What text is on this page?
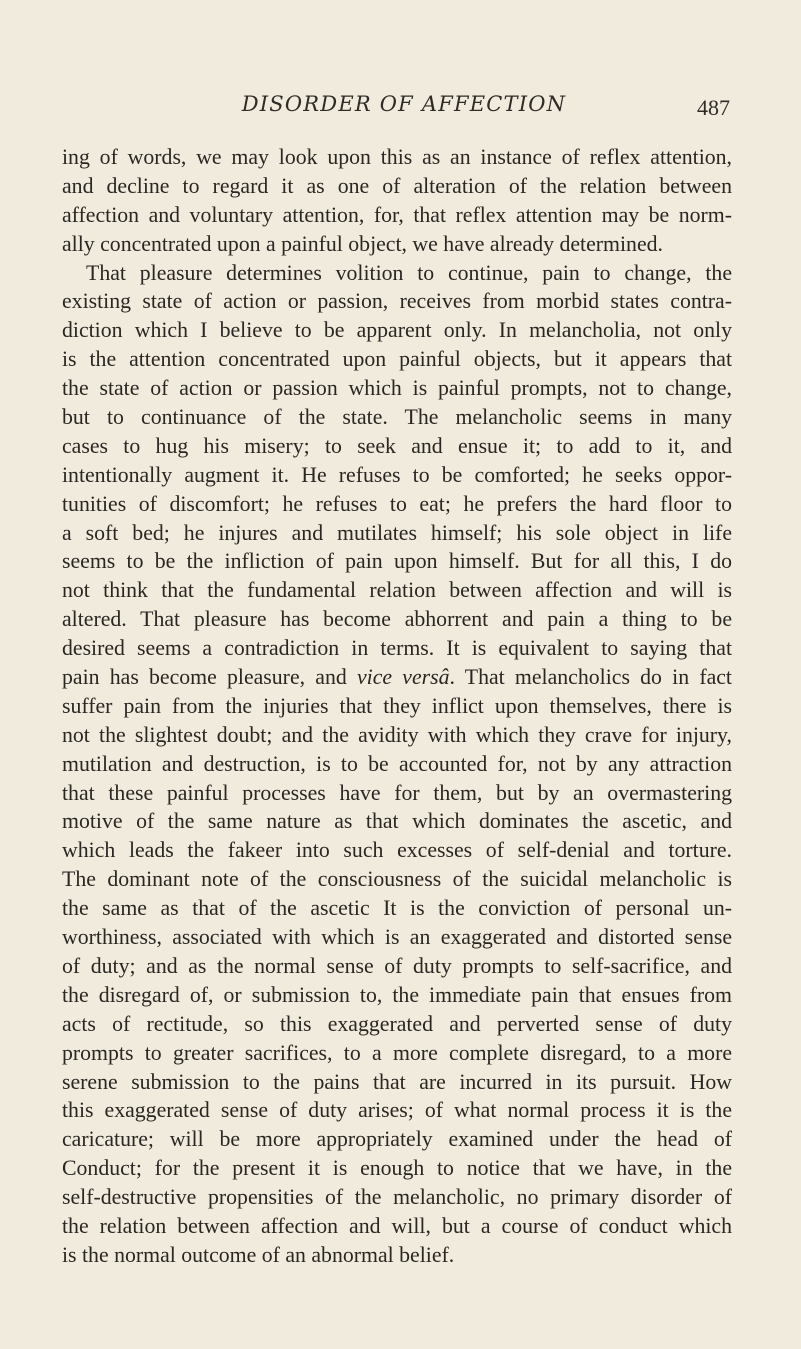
DISORDER OF AFFECTION	487
ing of words, we may look upon this as an instance of reflex attention,
and decline to regard it as one of alteration of the relation between
affection and voluntary attention, for, that reflex attention may be norm-
ally concentrated upon a painful object, we have already determined.
That pleasure determines volition to continue, pain to change, the
existing state of action or passion, receives from morbid states contra-
diction which I believe to be apparent only. In melancholia, not only
is the attention concentrated upon painful objects, but it appears that
the state of action or passion which is painful prompts, not to change,
but to continuance of the state. The melancholic seems in many
cases to hug his misery; to seek and ensue it; to add to it, and
intentionally augment it. He refuses to be comforted; he seeks oppor-
tunities of discomfort; he refuses to eat; he prefers the hard floor to
a soft bed; he injures and mutilates himself; his sole object in life
seems to be the infliction of pain upon himself. But for all this, I do
not think that the fundamental relation between affection and will is
altered. That pleasure has become abhorrent and pain a thing to be
desired seems a contradiction in terms. It is equivalent to saying that
pain has become pleasure, and vice versâ. That melancholics do in fact
suffer pain from the injuries that they inflict upon themselves, there is
not the slightest doubt; and the avidity with which they crave for injury,
mutilation and destruction, is to be accounted for, not by any attraction
that these painful processes have for them, but by an overmastering
motive of the same nature as that which dominates the ascetic, and
which leads the fakeer into such excesses of self-denial and torture.
The dominant note of the consciousness of the suicidal melancholic is
the same as that of the ascetic It is the conviction of personal un-
worthiness, associated with which is an exaggerated and distorted sense
of duty; and as the normal sense of duty prompts to self-sacrifice, and
the disregard of, or submission to, the immediate pain that ensues from
acts of rectitude, so this exaggerated and perverted sense of duty
prompts to greater sacrifices, to a more complete disregard, to a more
serene submission to the pains that are incurred in its pursuit. How
this exaggerated sense of duty arises; of what normal process it is the
caricature; will be more appropriately examined under the head of
Conduct; for the present it is enough to notice that we have, in the
self-destructive propensities of the melancholic, no primary disorder of
the relation between affection and will, but a course of conduct which
is the normal outcome of an abnormal belief.
